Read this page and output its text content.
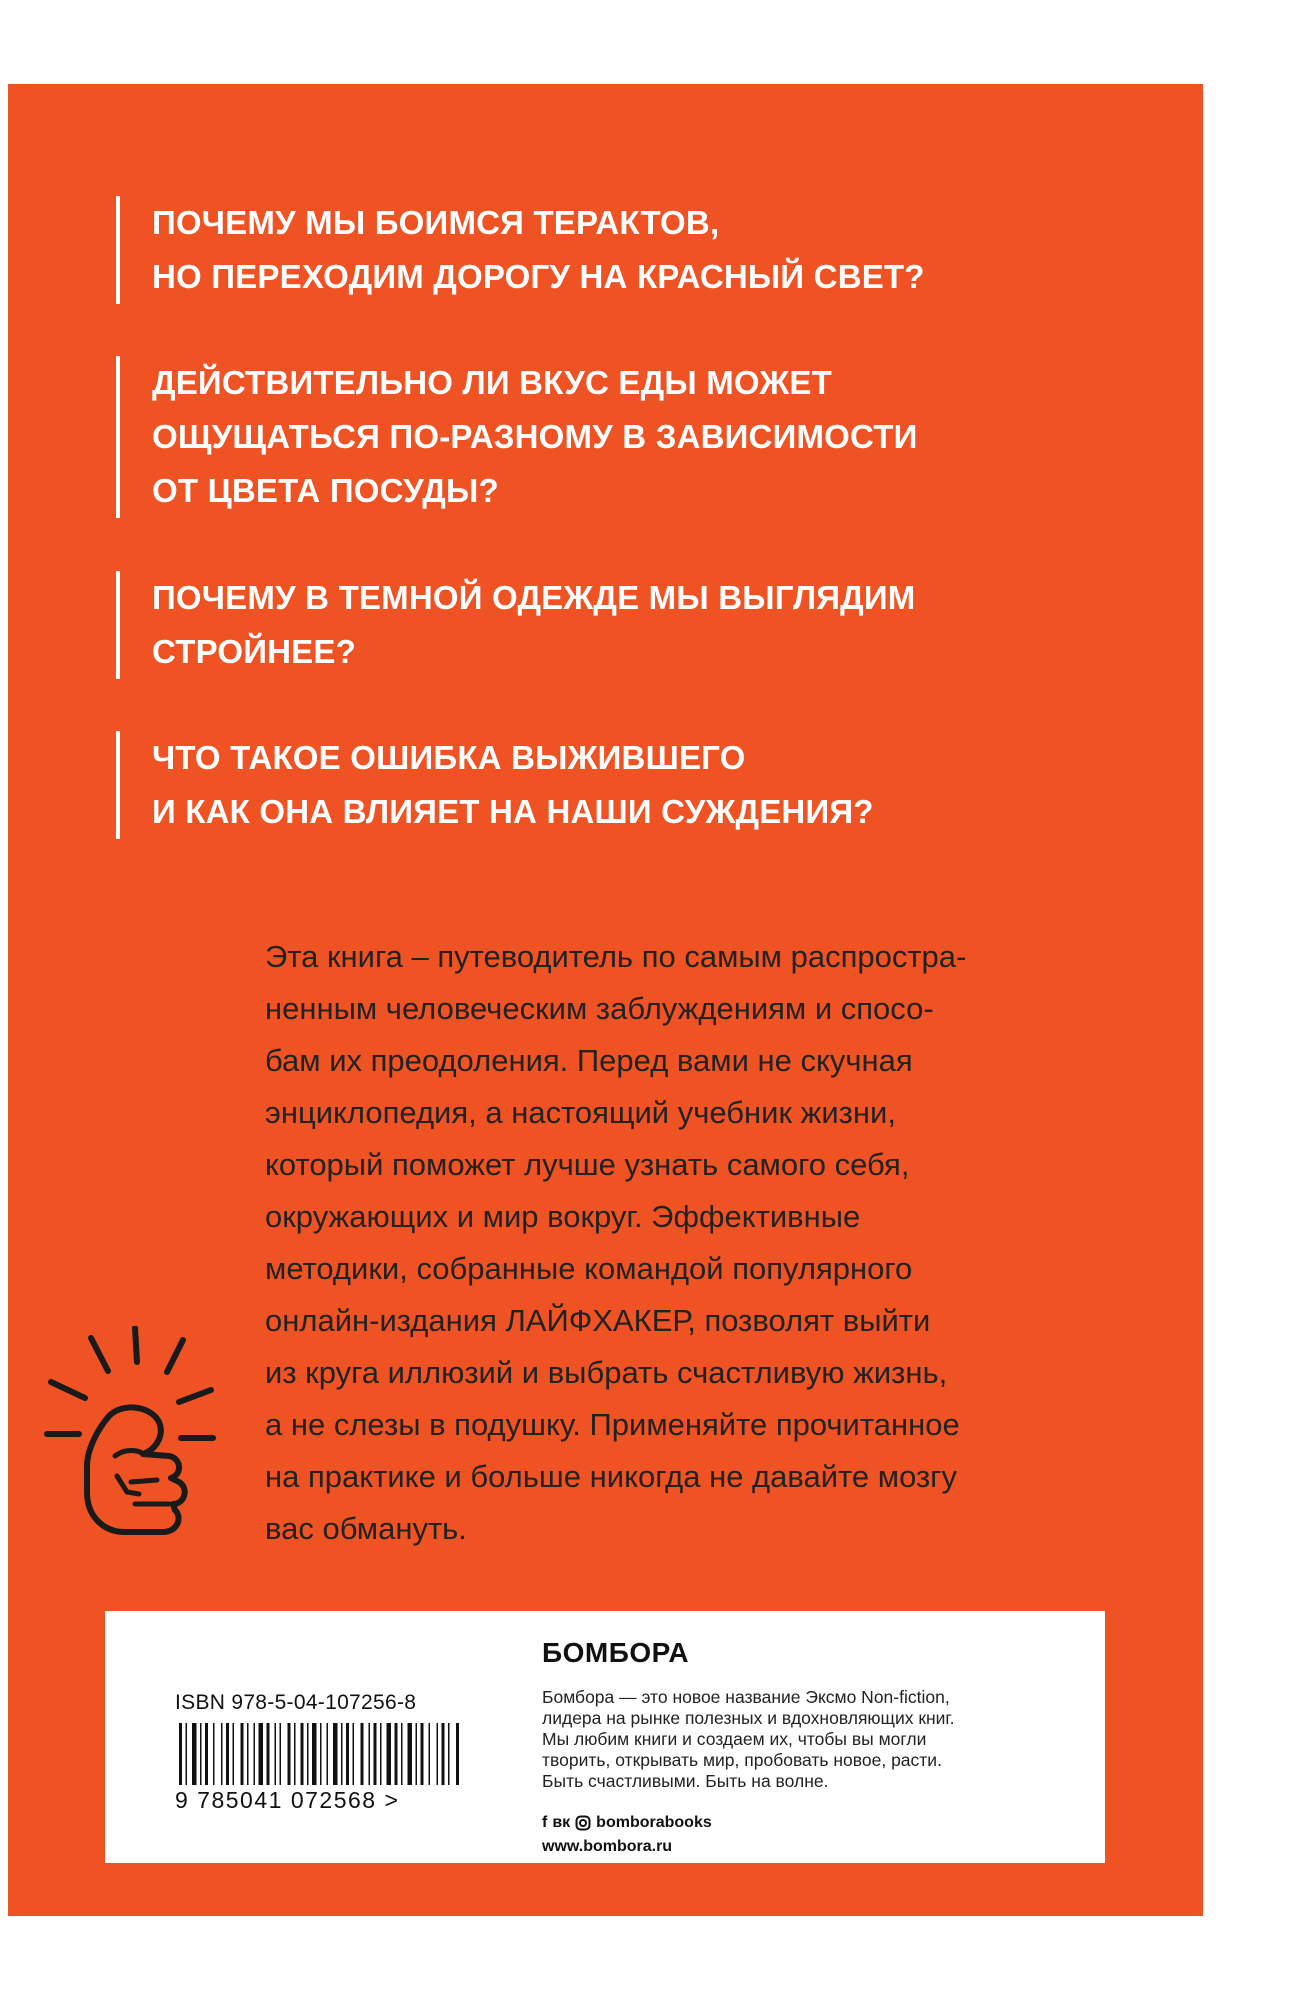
ПОЧЕМУ МЫ БОИМСЯ ТЕРАКТОВ,
НО ПЕРЕХОДИМ ДОРОГУ НА КРАСНЫЙ СВЕТ?
ДЕЙСТВИТЕЛЬНО ЛИ ВКУС ЕДЫ МОЖЕТ
ОЩУЩАТЬСЯ ПО-РАЗНОМУ В ЗАВИСИМОСТИ
ОТ ЦВЕТА ПОСУДЫ?
ПОЧЕМУ В ТЕМНОЙ ОДЕЖДЕ МЫ ВЫГЛЯДИМ
СТРОЙНЕЕ?
ЧТО ТАКОЕ ОШИБКА ВЫЖИВШЕГО
И КАК ОНА ВЛИЯЕТ НА НАШИ СУЖДЕНИЯ?
Эта книга – путеводитель по самым распростра-
ненным человеческим заблуждениям и спосо-
бам их преодоления. Перед вами не скучная
энциклопедия, а настоящий учебник жизни,
который поможет лучше узнать самого себя,
окружающих и мир вокруг. Эффективные
методики, собранные командой популярного
онлайн-издания ЛАЙФХАКЕР, позволят выйти
из круга иллюзий и выбрать счастливую жизнь,
а не слезы в подушку. Применяйте прочитанное
на практике и больше никогда не давайте мозгу
вас обмануть.
ISBN 978-5-04-107256-8
9 785041 072568 >
БОМБОРА
Бомбора — это новое название Эксмо Non-fiction,
лидера на рынке полезных и вдохновляющих книг.
Мы любим книги и создаем их, чтобы вы могли
творить, открывать мир, пробовать новое, расти.
Быть счастливыми. Быть на волне.
f вк bomborabooks
www.bombora.ru
